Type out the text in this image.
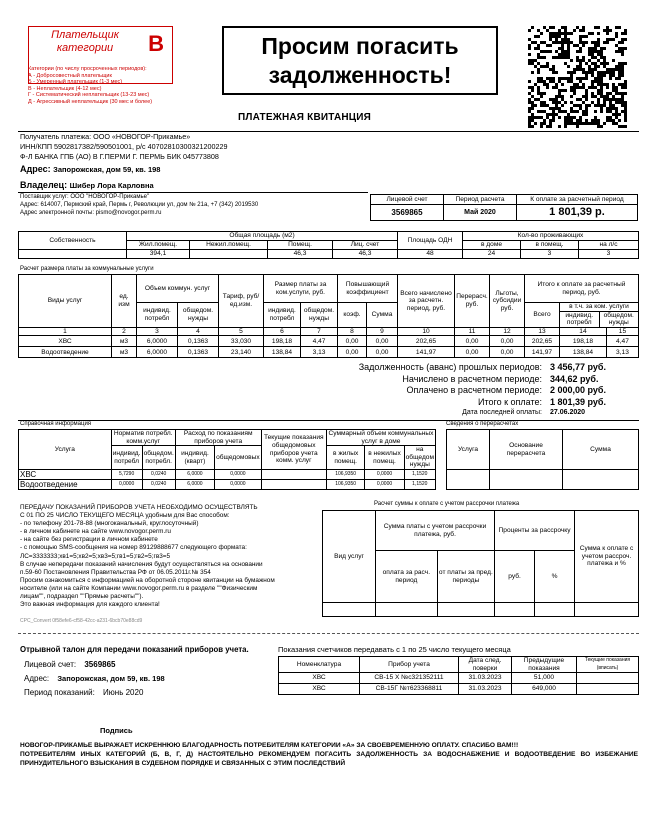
Плательщик категории	В
Категории (по числу просроченных периодов):
А - Добросовестный плательщик
Б - Умеренный плательщик (1-3 мес)
В - Неплательщик (4-12 мес)
Г - Систематический неплательщик (13-23 мес)
Д - Агрессивный неплательщик (30 мес и более)
Просим погасить
задолженность!
ПЛАТЕЖНАЯ КВИТАНЦИЯ
Получатель платежа: ООО «НОВОГОР-Прикамье»
ИНН/КПП 5902817382/590501001, р/с 40702810300321200229
Ф-Л БАНКА ГПБ (АО) В Г.ПЕРМИ Г. ПЕРМЬ БИК 045773808
Адрес: Запорожская, дом 59, кв. 198
Владелец: Шибер Лора Карловна
Поставщик услуг: ООО "НОВОГОР-Прикамье"
Адрес: 614007, Пермский край, Пермь г, Революции ул, дом № 21а, +7 (342) 2019530
Адрес электронной почты: pismo@novogor.perm.ru
Лицевой счет	Период расчета	К оплате за расчетный период
3569865	Май 2020	1 801,39 р.
Собственность	Общая площадь (м2)				Площадь ОДН	Кол-во проживающих		
	Жил.помещ.	Нежил.помещ.	Помещ.	Лиц. счет		в доме	в помещ.	на л/с
	394,1		46,3	46,3	48	24	3	3
Расчет размера платы за коммунальные услуги
Виды услуг	ед. изм	Объем коммун. услуг		Тариф, руб/ед.изм.	Размер платы за ком.услуги, руб.		Повышающий коэффициент		Всего начислено за расчетн. период, руб.	Перерасч. руб.	Льготы, субсидии руб.	Итого к оплате за расчетный период, руб.		
		индивид. потребл	общедом. нужды		индивид. потребл	общедом. нужды	коэф.	Сумма				Всего	в т.ч. за ком. услуги
индивид. потребл
общедом. нужды	

1	2	3	4	5	6	7	8	9	10	11	12	13	14	15
ХВС	м3	6,0000	0,1363	33,030	198,18	4,47	0,00	0,00	202,65	0,00	0,00	202,65	198,18	4,47
Водоотведение	м3	6,0000	0,1363	23,140	138,84	3,13	0,00	0,00	141,97	0,00	0,00	141,97	138,84	3,13
Задолженность (аванс) прошлых периодов: 3 456,77 руб.
Начислено в расчетном периоде: 344,62 руб.
Оплачено в расчетном периоде: 2 000,00 руб.
Итого к оплате: 1 801,39 руб.
Дата последней оплаты:	27.06.2020
Справочная информация
Услуга	Норматив потребл. комм.услуг		Расход по показаниям приборов учета		Текущие показания общедомовых приборов учета комм. услуг	Суммарный объем коммунальных услуг в доме		
	индивид. потребл	общедом. потребл.	индивид. (кварт)	общедомовых		в жилых помещ.	в нежилых помещ.	на общедом нужды
ХВС	5,7290	0,0240	6,0000	0,0000		106,9350	0,0000	1,1520
Водоотведение	0,0000	0,0240	6,0000	0,0000		106,9350	0,0000	1,1520
Сведения о перерасчетах
Услуга	Основание перерасчета	Сумма

ПЕРЕДАЧУ ПОКАЗАНИЙ ПРИБОРОВ УЧЕТА НЕОБХОДИМО ОСУЩЕСТВЛЯТЬ
С 01 ПО 25 ЧИСЛО ТЕКУЩЕГО МЕСЯЦА удобным для Вас способом:
- по телефону 201-78-88 (многоканальный, круглосуточный)
- в личном кабинете на сайте www.novogor.perm.ru
- на сайте без регистрации в личном кабинете
- с помощью SMS-сообщения на номер 89129888677 следующего формата:
ЛС=3333333;хв1=5;хв2=5;хв3=5;гв1=5;гв2=5;гв3=5
В случае непередачи показаний начисления будут осуществляться на основании
п.59-60 Постановления Правительства РФ от 06.05.2011г.№ 354
Просим ознакомиться с информацией на оборотной стороне квитанции на бумажном
носителе (или на сайте Компании www.novogor.perm.ru в разделе ""Физическим
лицам"", подраздел ""Прямые расчеты"").
Это важная информация для каждого клиента!
CPC_Convert 0f58efe6-cf58-42cc-a231-6bcb70e88cd9
Расчет суммы к оплате с учетом рассрочки платежа
Вид услуг	Сумма платы с учетом рассрочки платежа, руб.		Проценты за рассрочку		Сумма к оплате с учетом рассроч. платежа и %
	оплата за расч. период	от платы за пред. периоды	руб.	%	

Отрывной талон для передачи показаний приборов учета.
Лицевой счет: 3569865
Адрес: Запорожская, дом 59, кв. 198
Период показаний: Июнь 2020
Показания счетчиков передавать с 1 по 25 число текущего месяца
Номенклатура	Прибор учета	Дата след. поверки	Предыдущие показания	Текущие показания (вписать)
ХВС	СВ-15 Х №с321352111	31.03.2023	51,000	
ХВС	СВ-15Г №т623368811	31.03.2023	649,000	
Подпись
НОВОГОР-ПРИКАМЬЕ ВЫРАЖАЕТ ИСКРЕННЮЮ БЛАГОДАРНОСТЬ ПОТРЕБИТЕЛЯМ КАТЕГОРИИ «А» ЗА СВОЕВРЕМЕННУЮ ОПЛАТУ. СПАСИБО ВАМ!!!
ПОТРЕБИТЕЛЯМ ИНЫХ КАТЕГОРИЙ (Б, В, Г, Д) НАСТОЯТЕЛЬНО РЕКОМЕНДУЕМ ПОГАСИТЬ ЗАДОЛЖЕННОСТЬ ЗА ВОДОСНАБЖЕНИЕ И ВОДООТВЕДЕНИЕ ВО ИЗБЕЖАНИЕ ПРИНУДИТЕЛЬНОГО ВЗЫСКАНИЯ В СУДЕБНОМ ПОРЯДКЕ И СВЯЗАННЫХ С ЭТИМ ПОСЛЕДСТВИЙ
